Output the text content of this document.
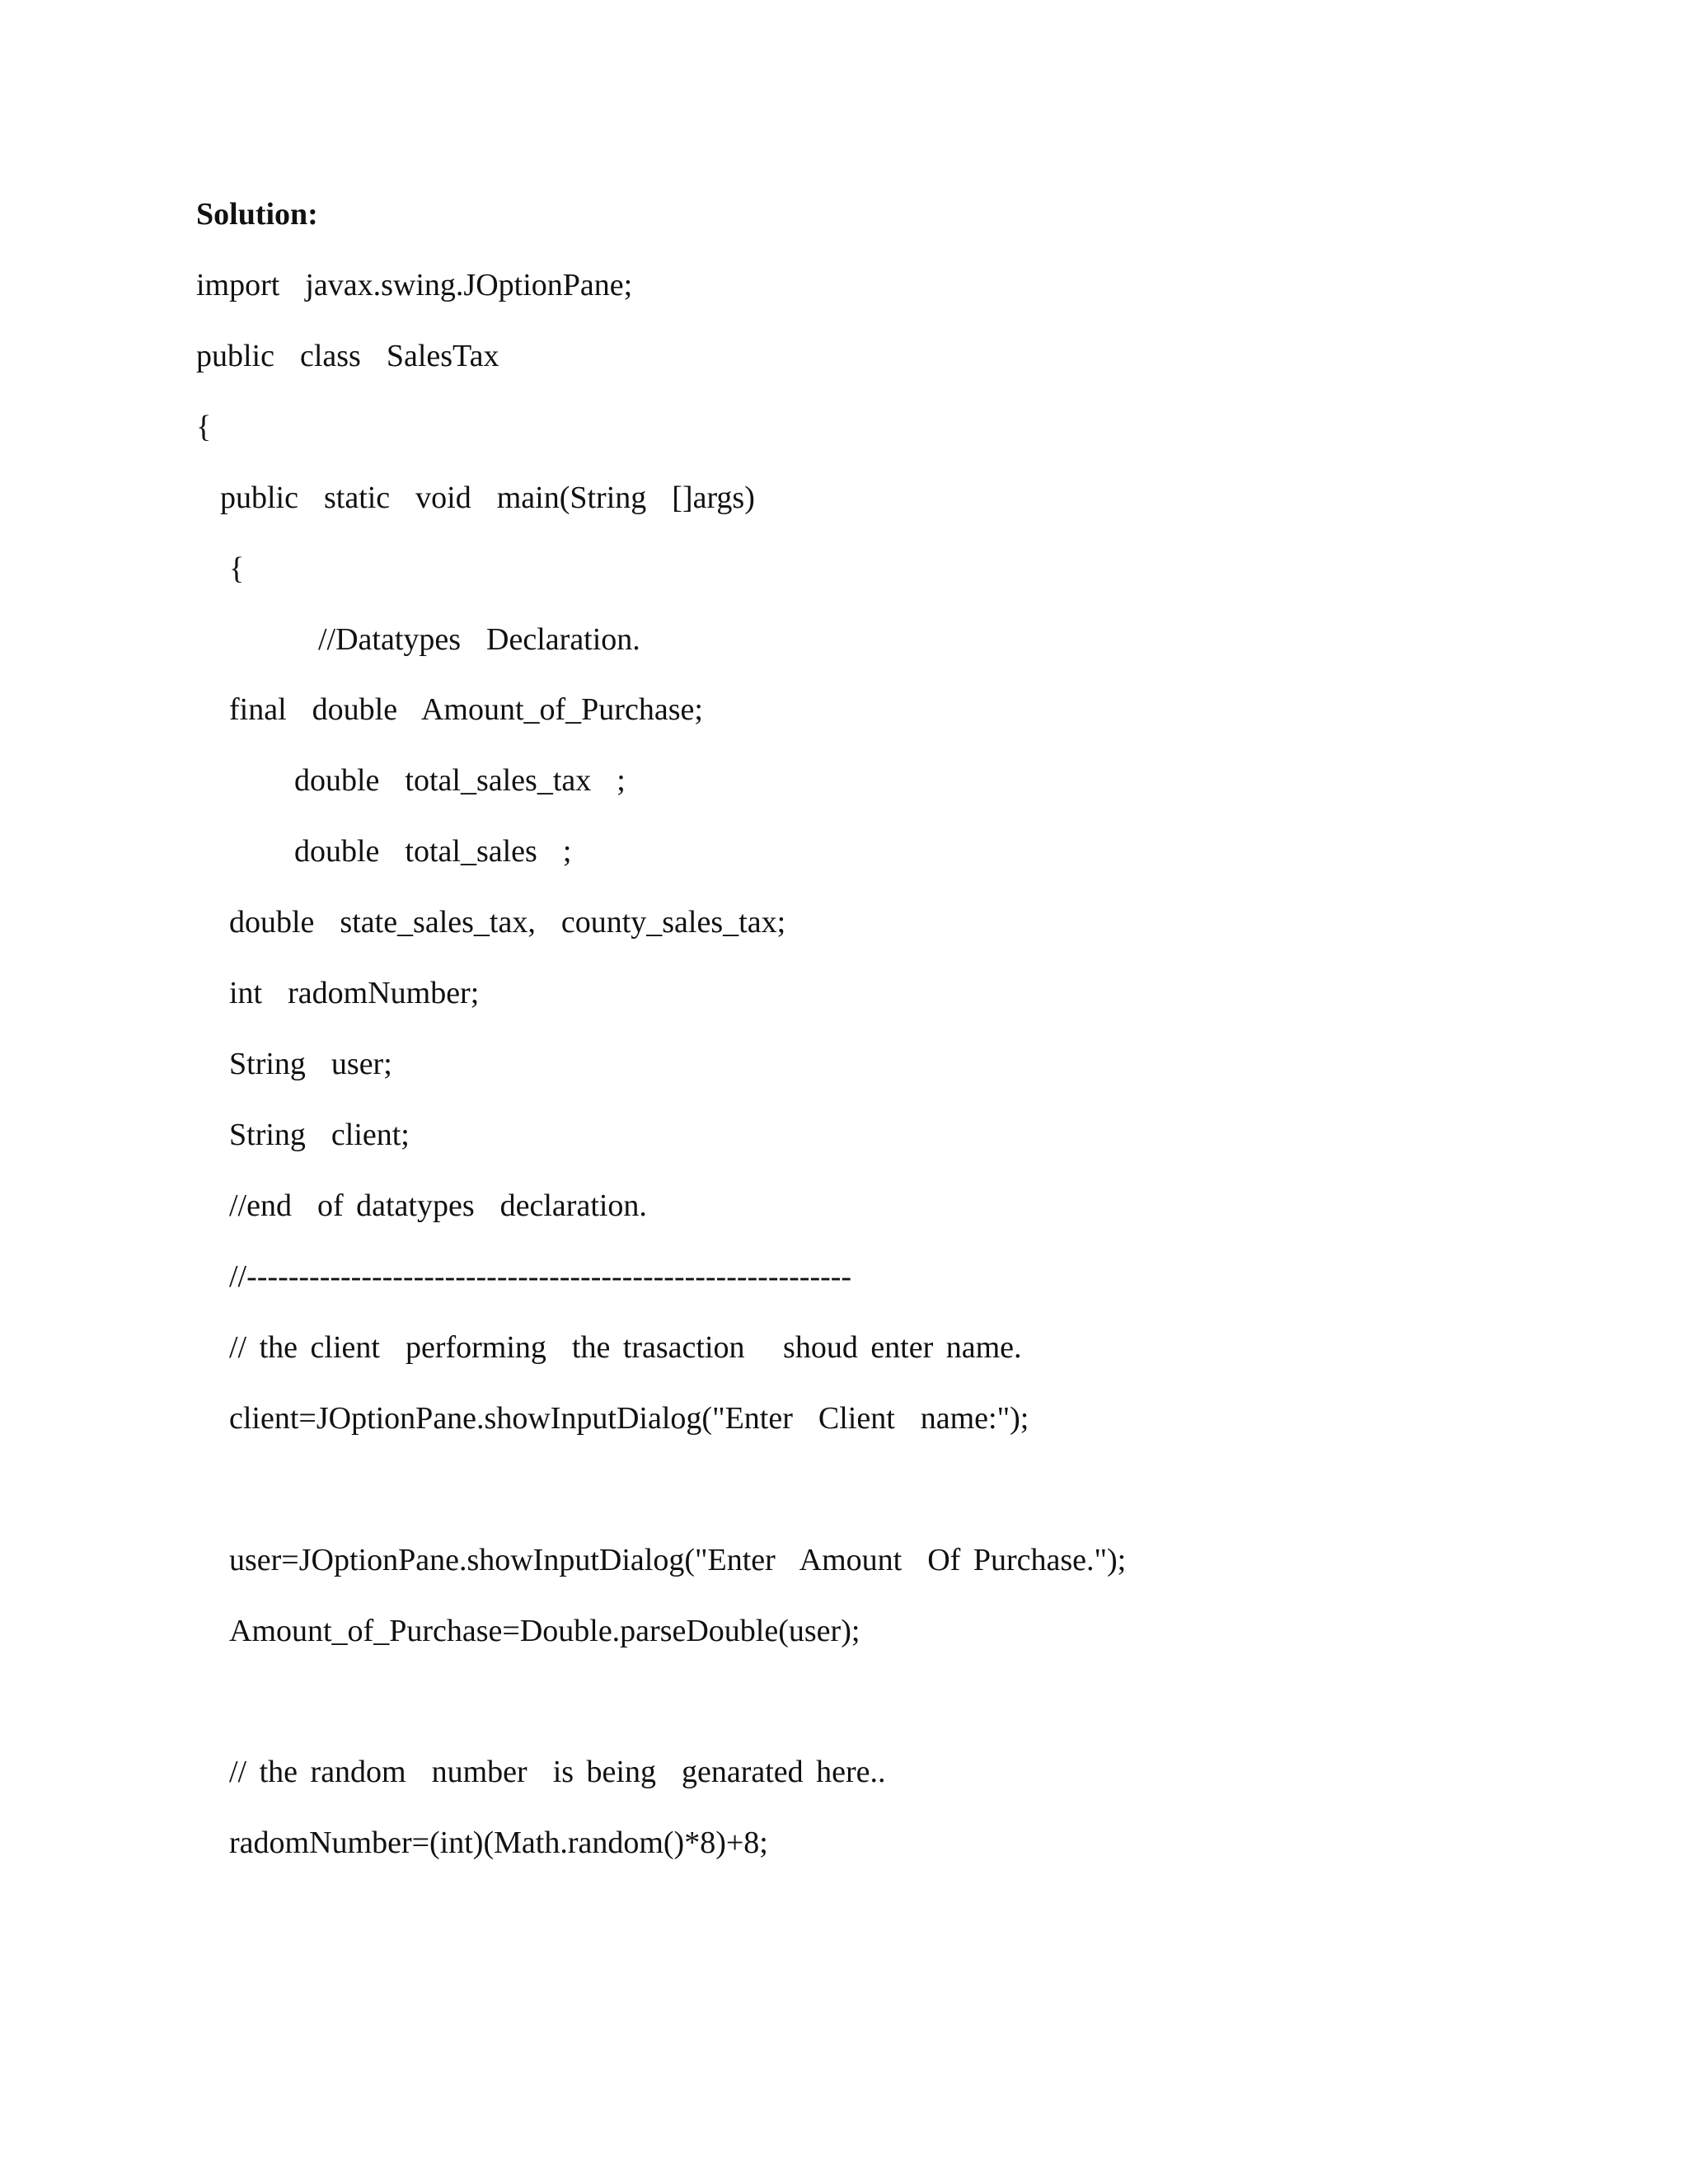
Solution:
import  javax.swing.JOptionPane;
public  class  SalesTax
{
public  static  void  main(String  []args)
{
//Datatypes  Declaration.
final  double  Amount_of_Purchase;
double  total_sales_tax  ;
double  total_sales  ;
double  state_sales_tax,  county_sales_tax;
int  radomNumber;
String  user;
String  client;
//end  of datatypes  declaration.
//----------------------------------------------------------
// the client  performing  the trasaction   shoud enter name.
client=JOptionPane.showInputDialog("Enter  Client  name:");
user=JOptionPane.showInputDialog("Enter  Amount  Of Purchase.");
Amount_of_Purchase=Double.parseDouble(user);
// the random  number  is being  genarated here..
radomNumber=(int)(Math.random()*8)+8;
